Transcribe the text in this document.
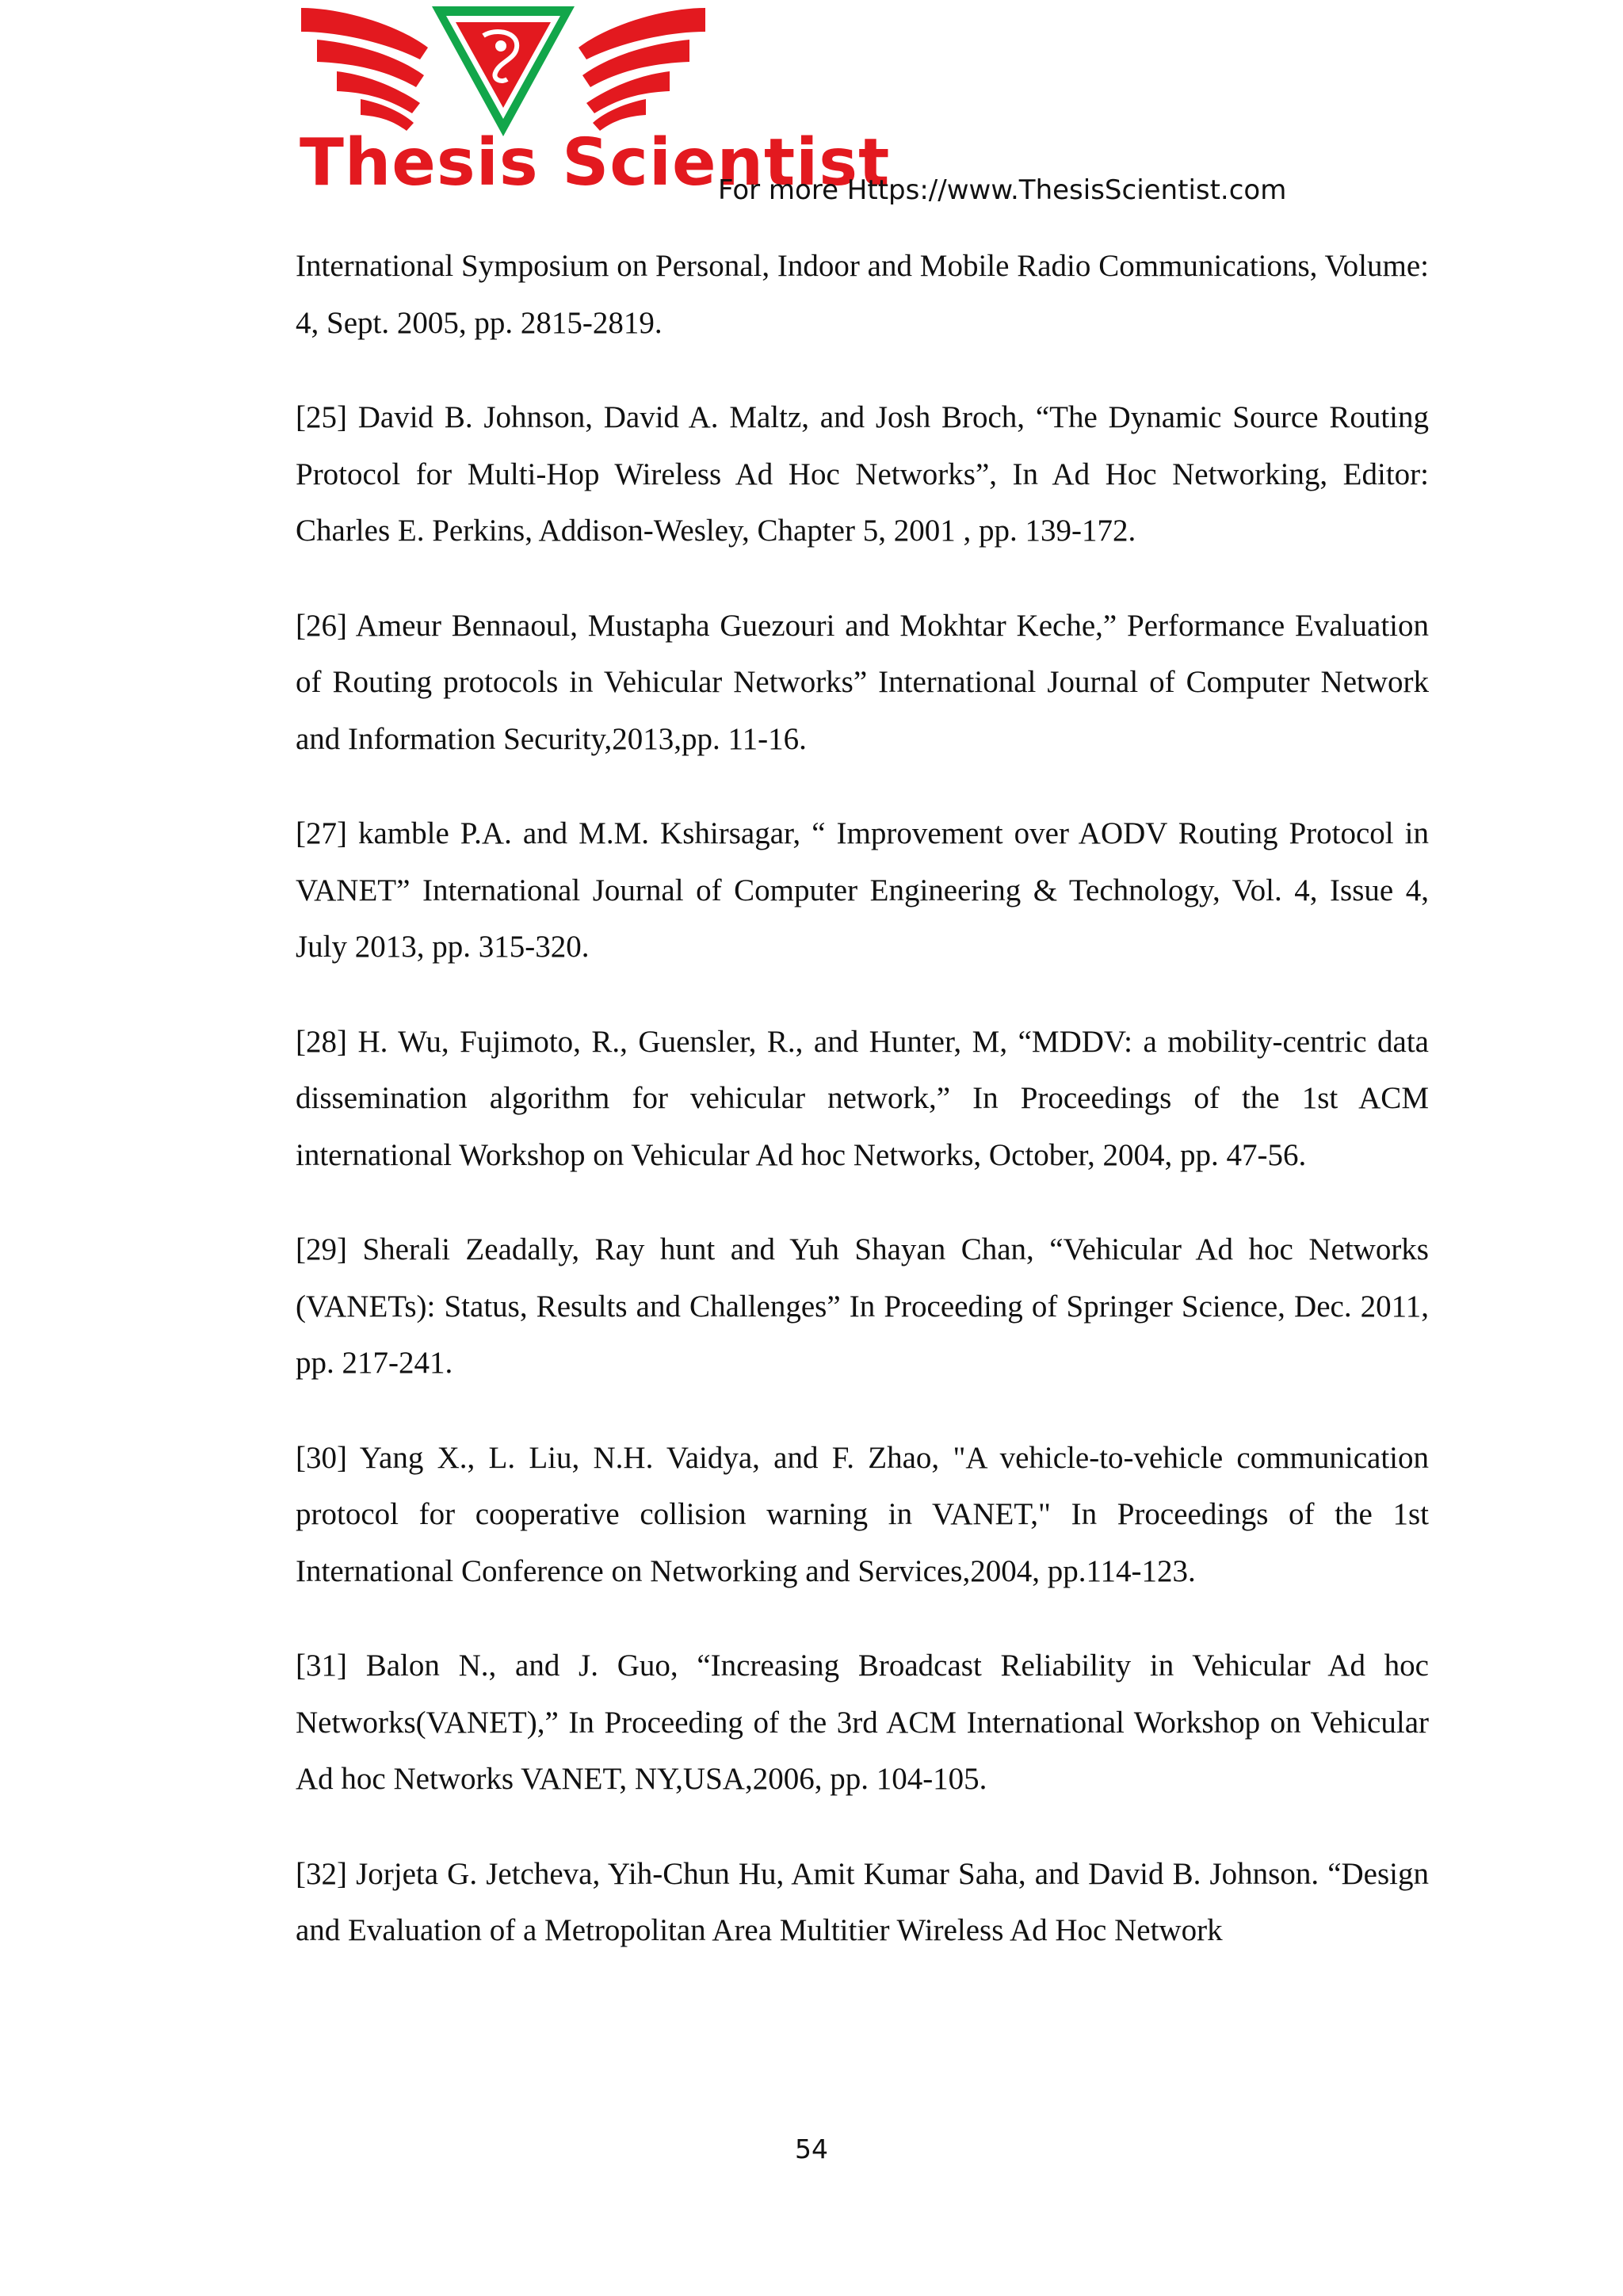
Thesis Scientist
For more Https://www.ThesisScientist.com

International Symposium on Personal, Indoor and Mobile Radio Communications, Volume: 4, Sept. 2005, pp. 2815-2819.

[25] David B. Johnson, David A. Maltz, and Josh Broch, “The Dynamic Source Routing Protocol for Multi-Hop Wireless Ad Hoc Networks”, In Ad Hoc Networking, Editor: Charles E. Perkins, Addison-Wesley, Chapter 5, 2001 , pp. 139-172.

[26] Ameur Bennaoul, Mustapha Guezouri and Mokhtar Keche,” Performance Evaluation of Routing protocols in Vehicular Networks” International Journal of Computer Network and Information Security,2013,pp. 11-16.

[27] kamble P.A. and M.M. Kshirsagar, “ Improvement over AODV Routing Protocol in VANET” International Journal of Computer Engineering & Technology, Vol. 4, Issue 4, July 2013, pp. 315-320.

[28] H. Wu, Fujimoto, R., Guensler, R., and Hunter, M, “MDDV: a mobility-centric data dissemination algorithm for vehicular network,” In Proceedings of the 1st ACM international Workshop on Vehicular Ad hoc Networks, October, 2004, pp. 47-56.

[29] Sherali Zeadally, Ray hunt and Yuh Shayan Chan, “Vehicular Ad hoc Networks (VANETs): Status, Results and Challenges” In Proceeding of Springer Science, Dec. 2011, pp. 217-241.

[30] Yang X., L. Liu, N.H. Vaidya, and F. Zhao, "A vehicle-to-vehicle communication protocol for cooperative collision warning in VANET," In Proceedings of the 1st International Conference on Networking and Services,2004, pp.114-123.

[31] Balon N., and J. Guo, “Increasing Broadcast Reliability in Vehicular Ad hoc Networks(VANET),” In Proceeding of the 3rd ACM International Workshop on Vehicular Ad hoc Networks VANET, NY,USA,2006, pp. 104-105.

[32] Jorjeta G. Jetcheva, Yih-Chun Hu, Amit Kumar Saha, and David B. Johnson. “Design and Evaluation of a Metropolitan Area Multitier Wireless Ad Hoc Network

54
